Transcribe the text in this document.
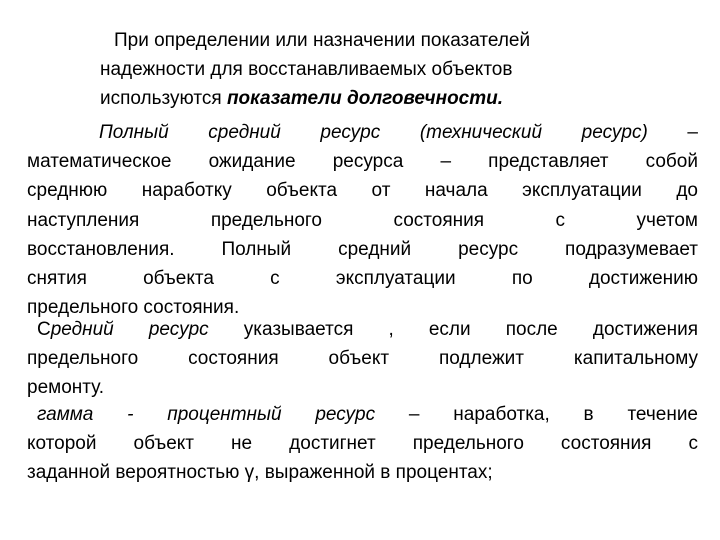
При определении или назначении показателей
надежности для восстанавливаемых объектов
используются показатели долговечности.
Полный средний ресурс (технический ресурс) –
математическое ожидание ресурса – представляет собой
среднюю наработку объекта от начала эксплуатации до
наступления предельного состояния с учетом
восстановления. Полный средний ресурс подразумевает
снятия объекта с эксплуатации по достижению
предельного состояния.
Средний ресурс указывается , если после достижения
предельного состояния объект подлежит капитальному
ремонту.
гамма - процентный ресурс – наработка, в течение
которой объект не достигнет предельного состояния с
заданной вероятностью γ, выраженной в процентах;
